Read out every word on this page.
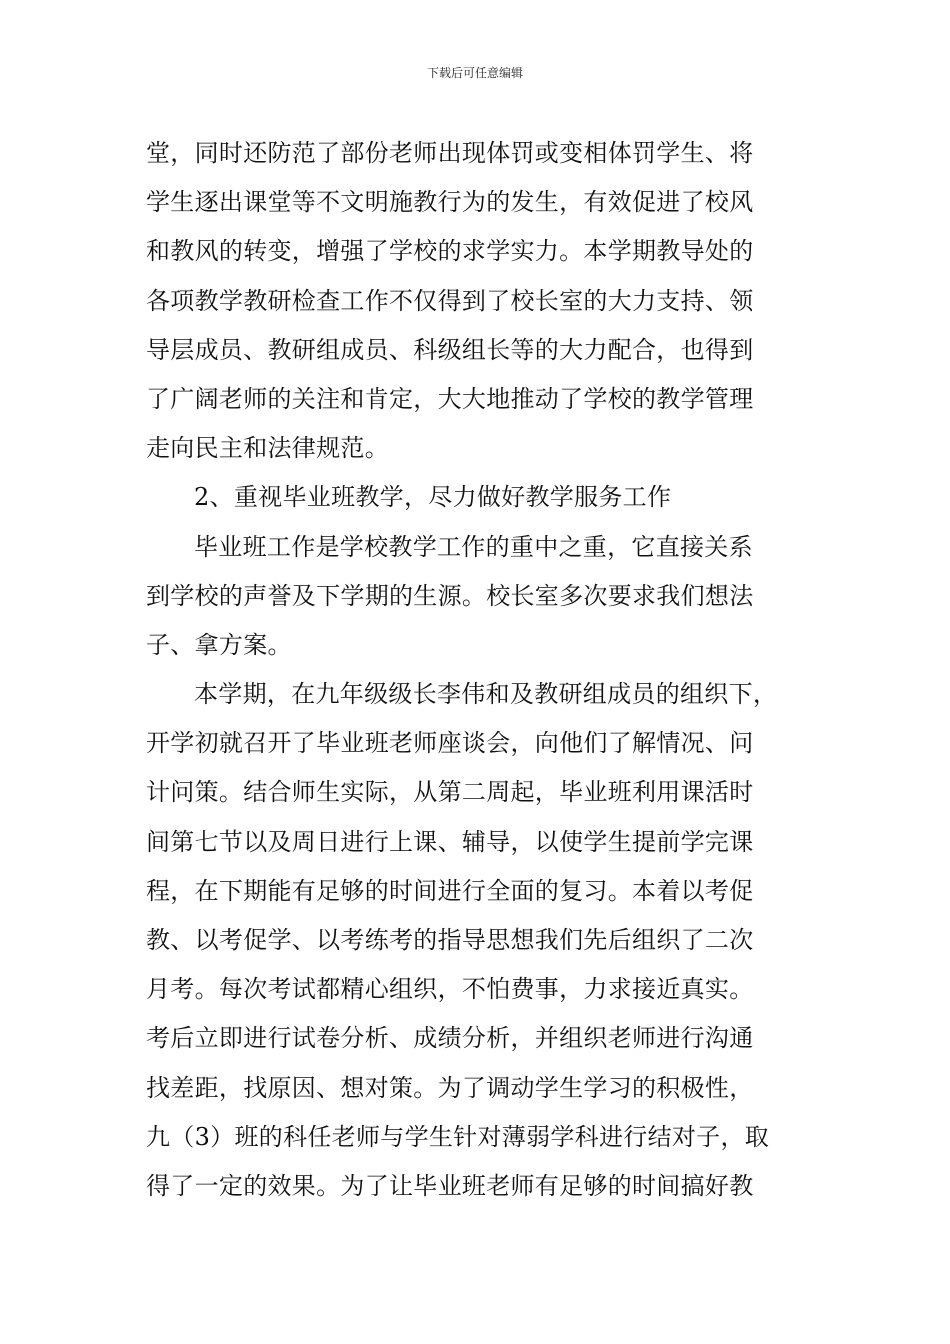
下载后可任意编辑
堂，同时还防范了部份老师出现体罚或变相体罚学生、将
学生逐出课堂等不文明施教行为的发生，有效促进了校风
和教风的转变，增强了学校的求学实力。本学期教导处的
各项教学教研检查工作不仅得到了校长室的大力支持、领
导层成员、教研组成员、科级组长等的大力配合，也得到
了广阔老师的关注和肯定，大大地推动了学校的教学管理
走向民主和法律规范。
2、重视毕业班教学，尽力做好教学服务工作
毕业班工作是学校教学工作的重中之重，它直接关系
到学校的声誉及下学期的生源。校长室多次要求我们想法
子、拿方案。
本学期，在九年级级长李伟和及教研组成员的组织下，
开学初就召开了毕业班老师座谈会，向他们了解情况、问
计问策。结合师生实际，从第二周起，毕业班利用课活时
间第七节以及周日进行上课、辅导，以使学生提前学完课
程，在下期能有足够的时间进行全面的复习。本着以考促
教、以考促学、以考练考的指导思想我们先后组织了二次
月考。每次考试都精心组织，不怕费事，力求接近真实。
考后立即进行试卷分析、成绩分析，并组织老师进行沟通
找差距，找原因、想对策。为了调动学生学习的积极性，
九（3）班的科任老师与学生针对薄弱学科进行结对子，取
得了一定的效果。为了让毕业班老师有足够的时间搞好教
